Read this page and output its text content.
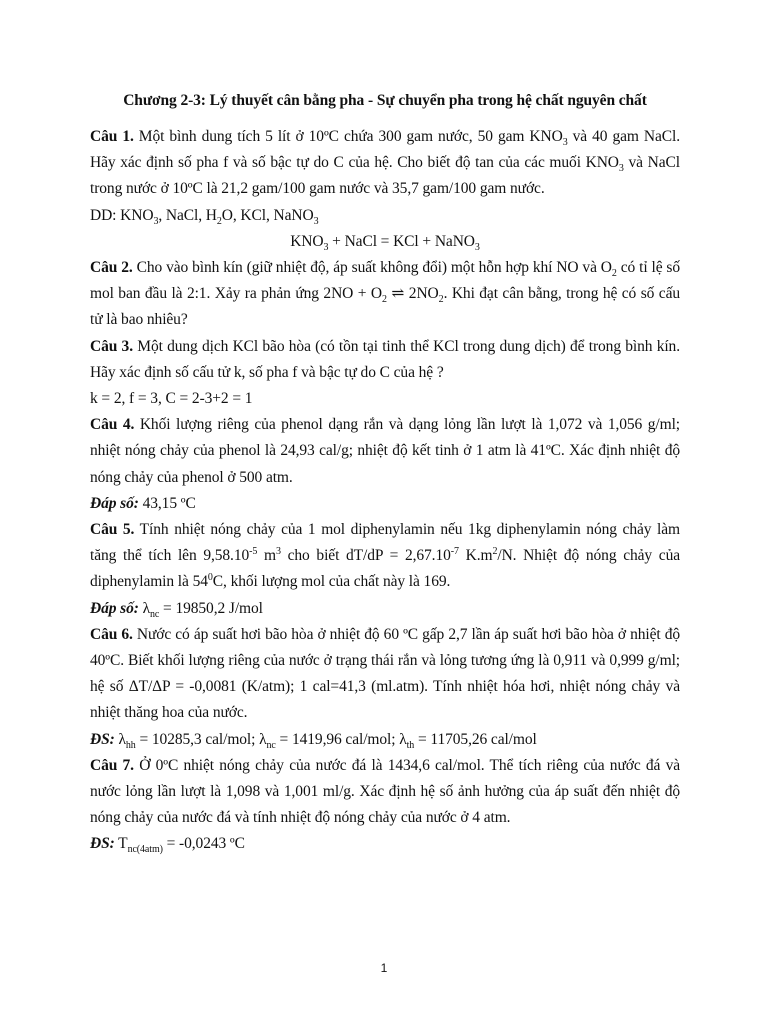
Chương 2-3: Lý thuyết cân bằng pha - Sự chuyển pha trong hệ chất nguyên chất

Câu 1. Một bình dung tích 5 lít ở 10ºC chứa 300 gam nước, 50 gam $KNO_3$ và 40 gam NaCl. Hãy xác định số pha f và số bậc tự do C của hệ. Cho biết độ tan của các muối $KNO_3$ và NaCl trong nước ở 10ºC là 21,2 gam/100 gam nước và 35,7 gam/100 gam nước.

DD: $KNO_3$, NaCl, $H_2O$, KCl, NaNO$_3$

$KNO_3$ + NaCl = KCl + NaNO$_3$

Câu 2. Cho vào bình kín (giữ nhiệt độ, áp suất không đổi) một hỗn hợp khí NO và $O_2$ có tỉ lệ số mol ban đầu là 2:1. Xảy ra phản ứng $2NO + O_2$ ⇌ $2NO_2$. Khi đạt cân bằng, trong hệ có số cấu tử là bao nhiêu?

Câu 3. Một dung dịch KCl bão hòa (có tồn tại tinh thể KCl trong dung dịch) để trong bình kín. Hãy xác định số cấu tử k, số pha f và bậc tự do C của hệ ?

k = 2, f = 3, C = 2-3+2 = 1

Câu 4. Khối lượng riêng của phenol dạng rắn và dạng lỏng lần lượt là 1,072 và 1,056 g/ml; nhiệt nóng chảy của phenol là 24,93 cal/g; nhiệt độ kết tinh ở 1 atm là 41ºC. Xác định nhiệt độ nóng chảy của phenol ở 500 atm.

Đáp số: 43,15 ºC

Câu 5. Tính nhiệt nóng chảy của 1 mol diphenylamin nếu 1kg diphenylamin nóng chảy làm tăng thể tích lên $9,58.10^{-5}$ $m^3$ cho biết $dT/dP = 2,67.10^{-7}$ $K.m^2/N$. Nhiệt độ nóng chảy của diphenylamin là $54^0C$, khối lượng mol của chất này là 169.

Đáp số: $\lambda_{nc} = 19850,2$ J/mol

Câu 6. Nước có áp suất hơi bão hòa ở nhiệt độ 60 ºC gấp 2,7 lần áp suất hơi bão hòa ở nhiệt độ 40ºC. Biết khối lượng riêng của nước ở trạng thái rắn và lỏng tương ứng là 0,911 và 0,999 g/ml; hệ số ΔT/ΔP = -0,0081 (K/atm); 1 cal=41,3 (ml.atm). Tính nhiệt hóa hơi, nhiệt nóng chảy và nhiệt thăng hoa của nước.

ĐS: $\lambda_{hh} = 10285,3$ cal/mol; $\lambda_{nc} = 1419,96$ cal/mol; $\lambda_{th} = 11705,26$ cal/mol

Câu 7. Ở 0ºC nhiệt nóng chảy của nước đá là 1434,6 cal/mol. Thể tích riêng của nước đá và nước lỏng lần lượt là 1,098 và 1,001 ml/g. Xác định hệ số ảnh hưởng của áp suất đến nhiệt độ nóng chảy của nước đá và tính nhiệt độ nóng chảy của nước ở 4 atm.

ĐS: $T_{nc(4atm)} = -0,0243$ ºC

1
